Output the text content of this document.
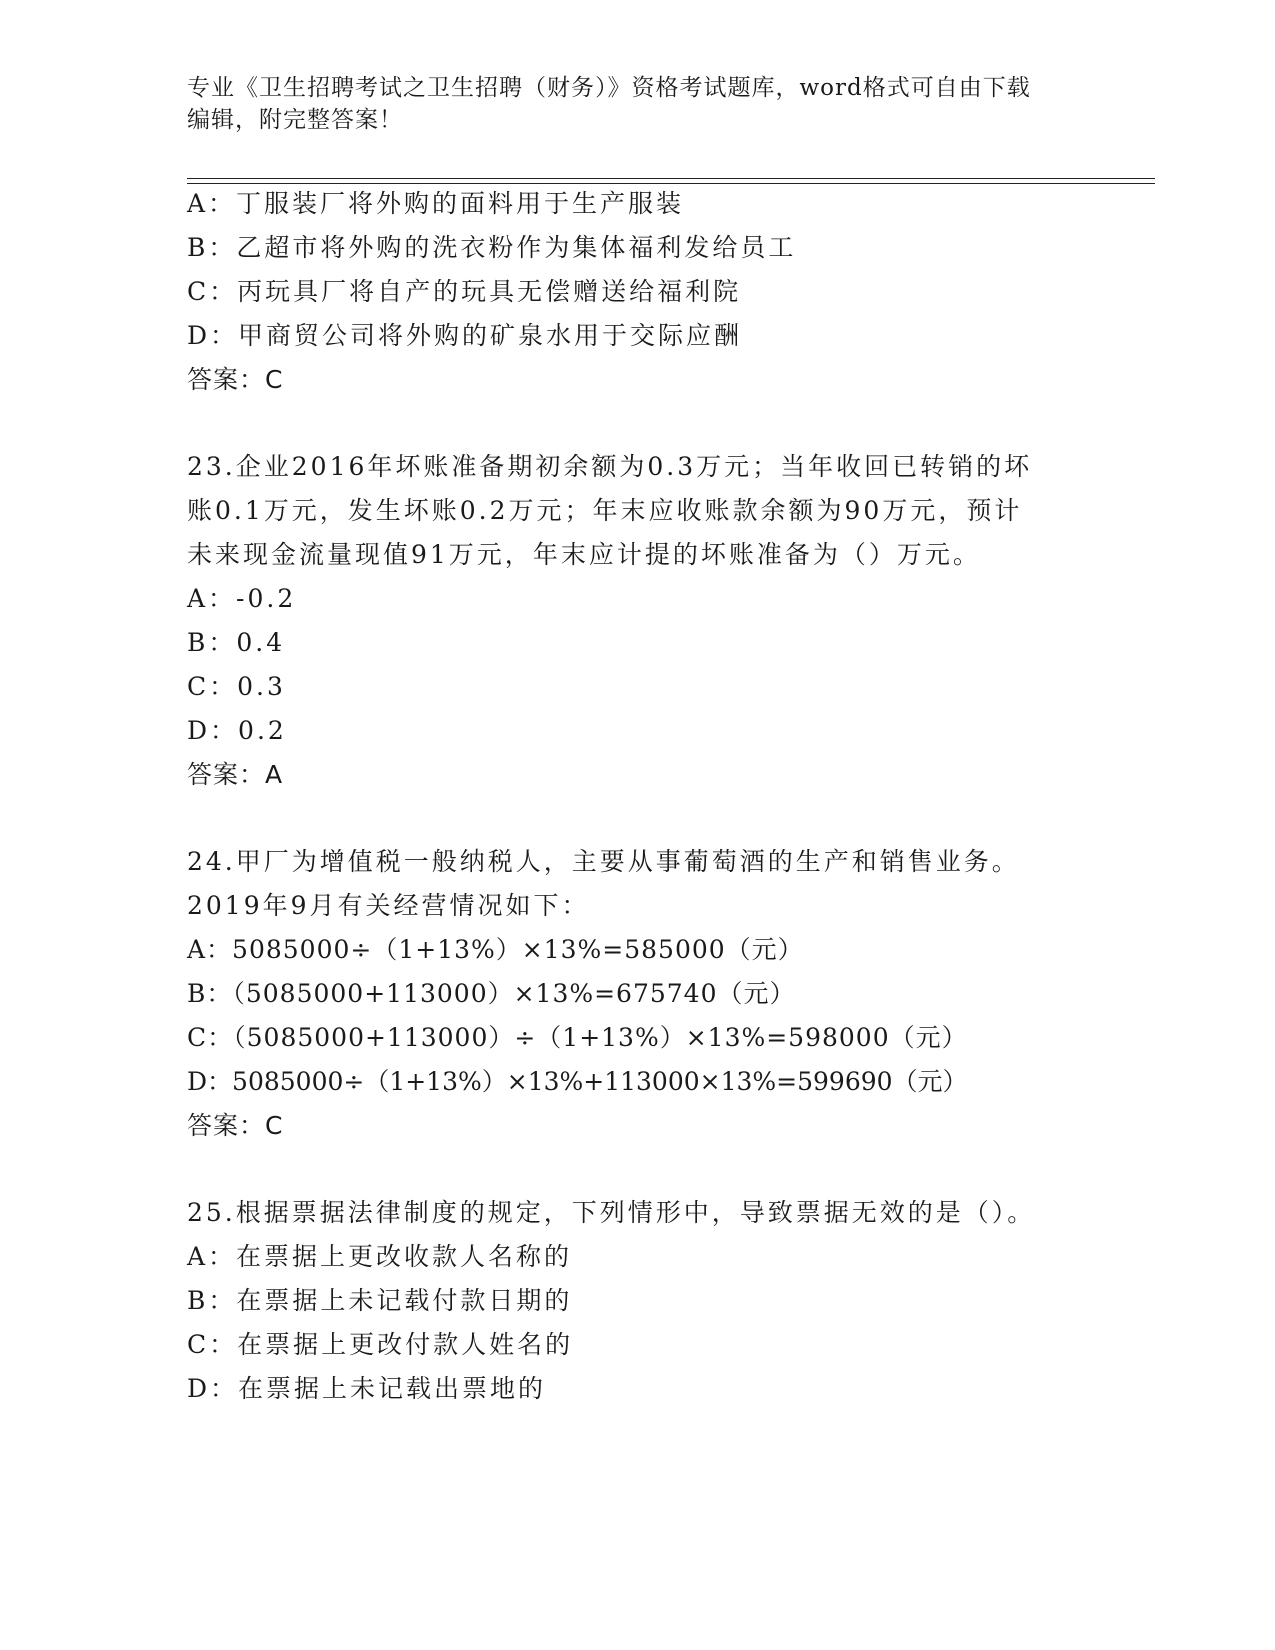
专业《卫生招聘考试之卫生招聘（财务）》资格考试题库，word格式可自由下载
编辑，附完整答案！
A：丁服装厂将外购的面料用于生产服装
B：乙超市将外购的洗衣粉作为集体福利发给员工
C：丙玩具厂将自产的玩具无偿赠送给福利院
D：甲商贸公司将外购的矿泉水用于交际应酬
答案：C
23.企业2016年坏账准备期初余额为0.3万元；当年收回已转销的坏
账0.1万元，发生坏账0.2万元；年末应收账款余额为90万元，预计
未来现金流量现值91万元，年末应计提的坏账准备为（）万元。
A：-0.2
B：0.4
C：0.3
D：0.2
答案：A
24.甲厂为增值税一般纳税人，主要从事葡萄酒的生产和销售业务。
2019年9月有关经营情况如下：
A：5085000÷（1+13%）×13%=585000（元）
B：（5085000+113000）×13%=675740（元）
C：（5085000+113000）÷（1+13%）×13%=598000（元）
D：5085000÷（1+13%）×13%+113000×13%=599690（元）
答案：C
25.根据票据法律制度的规定，下列情形中，导致票据无效的是（）。
A：在票据上更改收款人名称的
B：在票据上未记载付款日期的
C：在票据上更改付款人姓名的
D：在票据上未记载出票地的
